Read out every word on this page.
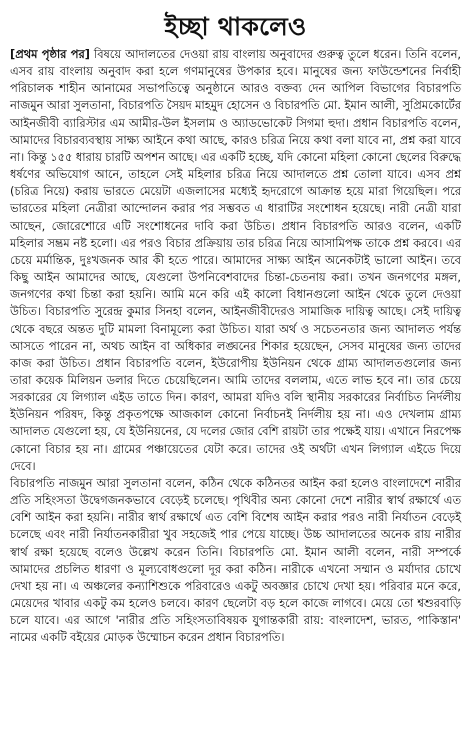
ইচ্ছা থাকলেও

[প্রথম পৃষ্ঠার পর] বিষয়ে আদালতের দেওয়া রায় বাংলায় অনুবাদের গুরুত্ব তুলে ধরেন। তিনি বলেন, এসব রায় বাংলায় অনুবাদ করা হলে গণমানুষের উপকার হবে। মানুষের জন্য ফাউন্ডেশনের নির্বাহী পরিচালক শাহীন আনামের সভাপতিত্বে অনুষ্ঠানে আরও বক্তব্য দেন আপিল বিভাগের বিচারপতি নাজমুন আরা সুলতানা, বিচারপতি সৈয়দ মাহমুদ হোসেন ও বিচারপতি মো. ইমান আলী, সুপ্রিমকোর্টের আইনজীবী ব্যারিস্টার এম আমীর-উল ইসলাম ও অ্যাডভোকেট সিগমা হুদা। প্রধান বিচারপতি বলেন, আমাদের বিচারব্যবস্থায় সাক্ষ্য আইনে কথা আছে, কারও চরিত্র নিয়ে কথা বলা যাবে না, প্রশ্ন করা যাবে না। কিন্তু ১৫৫ ধারায় চারটি অপশন আছে। এর একটি হচ্ছে, যদি কোনো মহিলা কোনো ছেলের বিরুদ্ধে ধর্ষণের অভিযোগ আনে, তাহলে সেই মহিলার চরিত্র নিয়ে আদালতে প্রশ্ন তোলা যাবে। এসব প্রশ্ন (চরিত্র নিয়ে) করায় ভারতে মেয়েটা এজলাসের মধ্যেই হৃদরোগে আক্রান্ত হয়ে মারা গিয়েছিল। পরে ভারতের মহিলা নেত্রীরা আন্দোলন করার পর সম্ভবত এ ধারাটির সংশোধন হয়েছে। নারী নেত্রী যারা আছেন, জোরেশোরে এটি সংশোধনের দাবি করা উচিত। প্রধান বিচারপতি আরও বলেন, একটি মহিলার সম্ভ্রম নষ্ট হলো। এর পরও বিচার প্রক্রিয়ায় তার চরিত্র নিয়ে আসামিপক্ষ তাকে প্রশ্ন করবে। এর চেয়ে মর্মান্তিক, দুঃখজনক আর কী হতে পারে। আমাদের সাক্ষ্য আইন অনেকটাই ভালো আইন। তবে কিছু আইন আমাদের আছে, যেগুলো উপনিবেশবাদের চিন্তা-চেতনায় করা। তখন জনগণের মঙ্গল, জনগণের কথা চিন্তা করা হয়নি। আমি মনে করি এই কালো বিধানগুলো আইন থেকে তুলে দেওয়া উচিত। বিচারপতি সুরেন্দ্র কুমার সিনহা বলেন, আইনজীবীদেরও সামাজিক দায়িত্ব আছে। সেই দায়িত্ব থেকে বছরে অন্তত দুটি মামলা বিনামূল্যে করা উচিত। যারা অর্থ ও সচেতনতার জন্য আদালত পর্যন্ত আসতে পারেন না, অথচ আইন বা অধিকার লঙ্ঘনের শিকার হয়েছেন, সেসব মানুষের জন্য তাদের কাজ করা উচিত। প্রধান বিচারপতি বলেন, ইউরোপীয় ইউনিয়ন থেকে গ্রাম্য আদালতগুলোর জন্য তারা কয়েক মিলিয়ন ডলার দিতে চেয়েছিলেন। আমি তাদের বললাম, এতে লাভ হবে না। তার চেয়ে সরকারের যে লিগ্যাল এইড তাতে দিন। কারণ, আমরা যদিও বলি স্থানীয় সরকারের নির্বাচিত নির্দলীয় ইউনিয়ন পরিষদ, কিন্তু প্রকৃতপক্ষে আজকাল কোনো নির্বাচনই নির্দলীয় হয় না। এও দেখলাম গ্রাম্য আদালত যেগুলো হয়, যে ইউনিয়নের, যে দলের জোর বেশি রায়টা তার পক্ষেই যায়। এখানে নিরপেক্ষ কোনো বিচার হয় না। গ্রামের পঞ্চায়েতের যেটা করে। তাদের ওই অর্থটা এখন লিগ্যাল এইডে দিয়ে দেবে।

বিচারপতি নাজমুন আরা সুলতানা বলেন, কঠিন থেকে কঠিনতর আইন করা হলেও বাংলাদেশে নারীর প্রতি সহিংসতা উদ্বেগজনকভাবে বেড়েই চলেছে। পৃথিবীর অন্য কোনো দেশে নারীর স্বার্থ রক্ষার্থে এত বেশি আইন করা হয়নি। নারীর স্বার্থ রক্ষার্থে এত বেশি বিশেষ আইন করার পরও নারী নির্যাতন বেড়েই চলেছে এবং নারী নির্যাতনকারীরা খুব সহজেই পার পেয়ে যাচ্ছে। উচ্চ আদালতের অনেক রায় নারীর স্বার্থ রক্ষা হয়েছে বলেও উল্লেখ করেন তিনি। বিচারপতি মো. ইমান আলী বলেন, নারী সম্পর্কে আমাদের প্রচলিত ধারণা ও মূল্যবোধগুলো দূর করা কঠিন। নারীকে এখনো সম্মান ও মর্যাদার চোখে দেখা হয় না। এ অঞ্চলের কন্যাশিশুকে পরিবারেও একটু অবজ্ঞার চোখে দেখা হয়। পরিবার মনে করে, মেয়েদের খাবার একটু কম হলেও চলবে। কারণ ছেলেটা বড় হলে কাজে লাগবে। মেয়ে তো শ্বশুরবাড়ি চলে যাবে। এর আগে 'নারীর প্রতি সহিংসতাবিষয়ক যুগান্তকারী রায়: বাংলাদেশ, ভারত, পাকিস্তান' নামের একটি বইয়ের মোড়ক উম্মোচন করেন প্রধান বিচারপতি।
